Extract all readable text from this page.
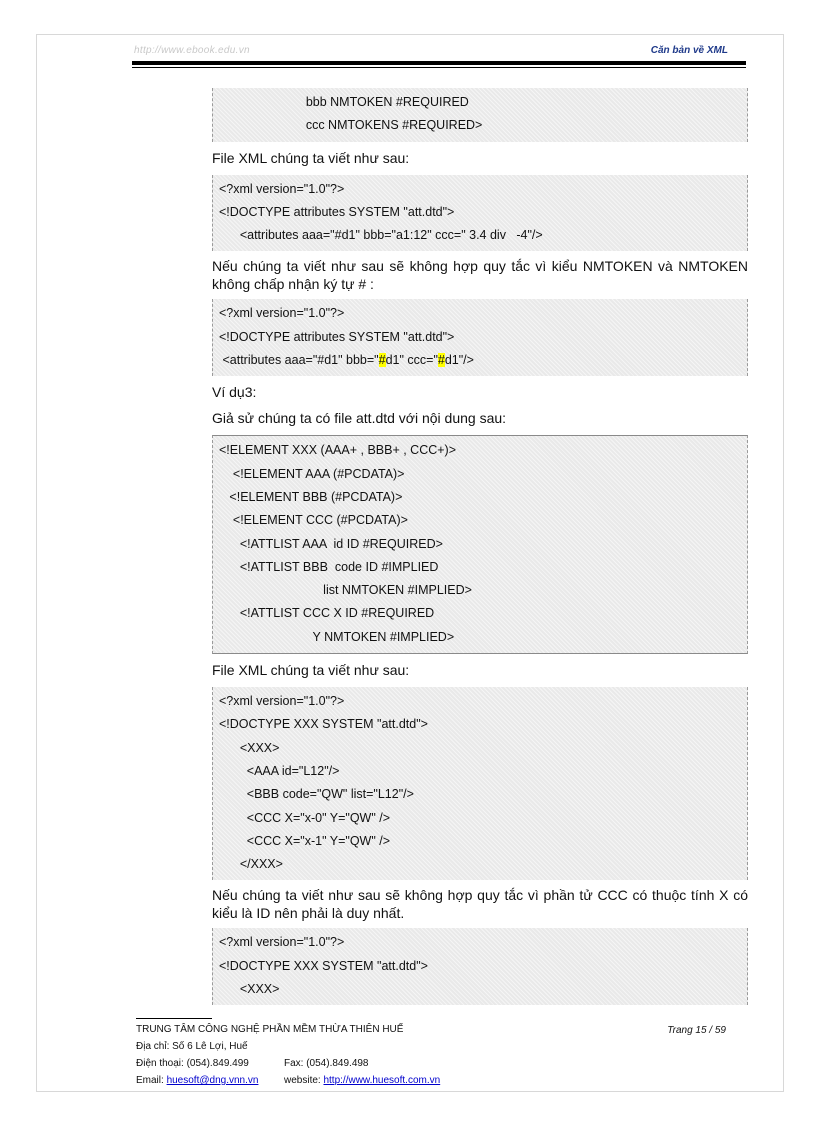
http://www.ebook.edu.vn	Căn bản về XML
bbb NMTOKEN #REQUIRED
ccc NMTOKENS #REQUIRED>

File XML chúng ta viết như sau:

<?xml version="1.0"?>
<!DOCTYPE attributes SYSTEM "att.dtd">
<attributes aaa="#d1" bbb="a1:12" ccc=" 3.4 div   -4"/>

Nếu chúng ta viết như sau sẽ không hợp quy tắc vì kiểu NMTOKEN và NMTOKEN không chấp nhận ký tự # :

<?xml version="1.0"?>
<!DOCTYPE attributes SYSTEM "att.dtd">
<attributes aaa="#d1" bbb="#d1" ccc="#d1"/>

Ví dụ3:

Giả sử chúng ta có file att.dtd với nội dung sau:

<!ELEMENT XXX (AAA+ , BBB+ , CCC+)>
<!ELEMENT AAA (#PCDATA)>
<!ELEMENT BBB (#PCDATA)>
<!ELEMENT CCC (#PCDATA)>
<!ATTLIST AAA  id ID #REQUIRED>
<!ATTLIST BBB  code ID #IMPLIED
list NMTOKEN #IMPLIED>
<!ATTLIST CCC X ID #REQUIRED
Y NMTOKEN #IMPLIED>

File XML chúng ta viết như sau:

<?xml version="1.0"?>
<!DOCTYPE XXX SYSTEM "att.dtd">
<XXX>
<AAA id="L12"/>
<BBB code="QW" list="L12"/>
<CCC X="x-0" Y="QW" />
<CCC X="x-1" Y="QW" />
</XXX>

Nếu chúng ta viết như sau sẽ không hợp quy tắc vì phần tử CCC có thuộc tính X có kiểu là ID nên phải là duy nhất.

<?xml version="1.0"?>
<!DOCTYPE XXX SYSTEM "att.dtd">
<XXX>
TRUNG TÂM CÔNG NGHỆ PHẦN MỀM THỪA THIÊN HUẾ	Trang 15 / 59
Địa chỉ: Số 6 Lê Lợi, Huế
Điện thoại: (054).849.499	Fax: (054).849.498
Email: huesoft@dng.vnn.vn	website: http://www.huesoft.com.vn
